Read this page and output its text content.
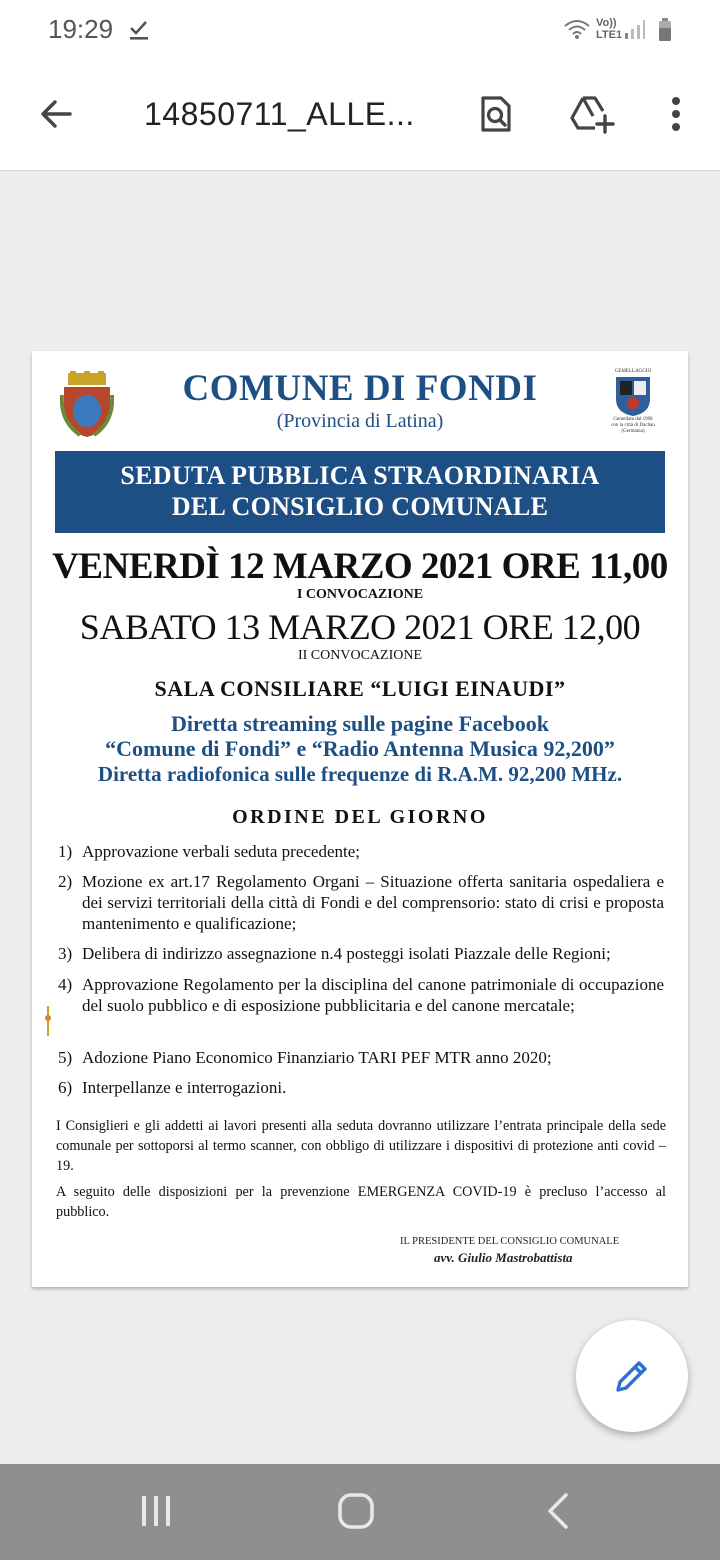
19:29	Vo))
LTE1
14850711_ALLE...
COMUNE DI FONDI
(Provincia di Latina)
GEMELLAGGIO
Gemellata dal 1998
con la città di Dachau
(Germania)
SEDUTA PUBBLICA STRAORDINARIA
DEL CONSIGLIO COMUNALE
VENERDÌ 12 MARZO 2021 ORE 11,00
I CONVOCAZIONE
SABATO 13 MARZO 2021 ORE 12,00
II CONVOCAZIONE
SALA CONSILIARE “LUIGI EINAUDI”
Diretta streaming sulle pagine Facebook
“Comune di Fondi” e “Radio Antenna Musica 92,200”
Diretta radiofonica sulle frequenze di R.A.M. 92,200 MHz.
ORDINE DEL GIORNO
1) Approvazione verbali seduta precedente;
2) Mozione ex art.17 Regolamento Organi – Situazione offerta sanitaria ospedaliera e dei servizi territoriali della città di Fondi e del comprensorio: stato di crisi e proposta mantenimento e qualificazione;
3) Delibera di indirizzo assegnazione n.4 posteggi isolati Piazzale delle Regioni;
4) Approvazione Regolamento per la disciplina del canone patrimoniale di occupazione del suolo pubblico e di esposizione pubblicitaria e del canone mercatale;
5) Adozione Piano Economico Finanziario TARI PEF MTR anno 2020;
6) Interpellanze e interrogazioni.
I Consiglieri e gli addetti ai lavori presenti alla seduta dovranno utilizzare l’entrata principale della sede comunale per sottoporsi al termo scanner, con obbligo di utilizzare i dispositivi di protezione anti covid – 19.
A seguito delle disposizioni per la prevenzione EMERGENZA COVID-19 è precluso l’accesso al pubblico.
IL PRESIDENTE DEL CONSIGLIO COMUNALE
avv. Giulio Mastrobattista
